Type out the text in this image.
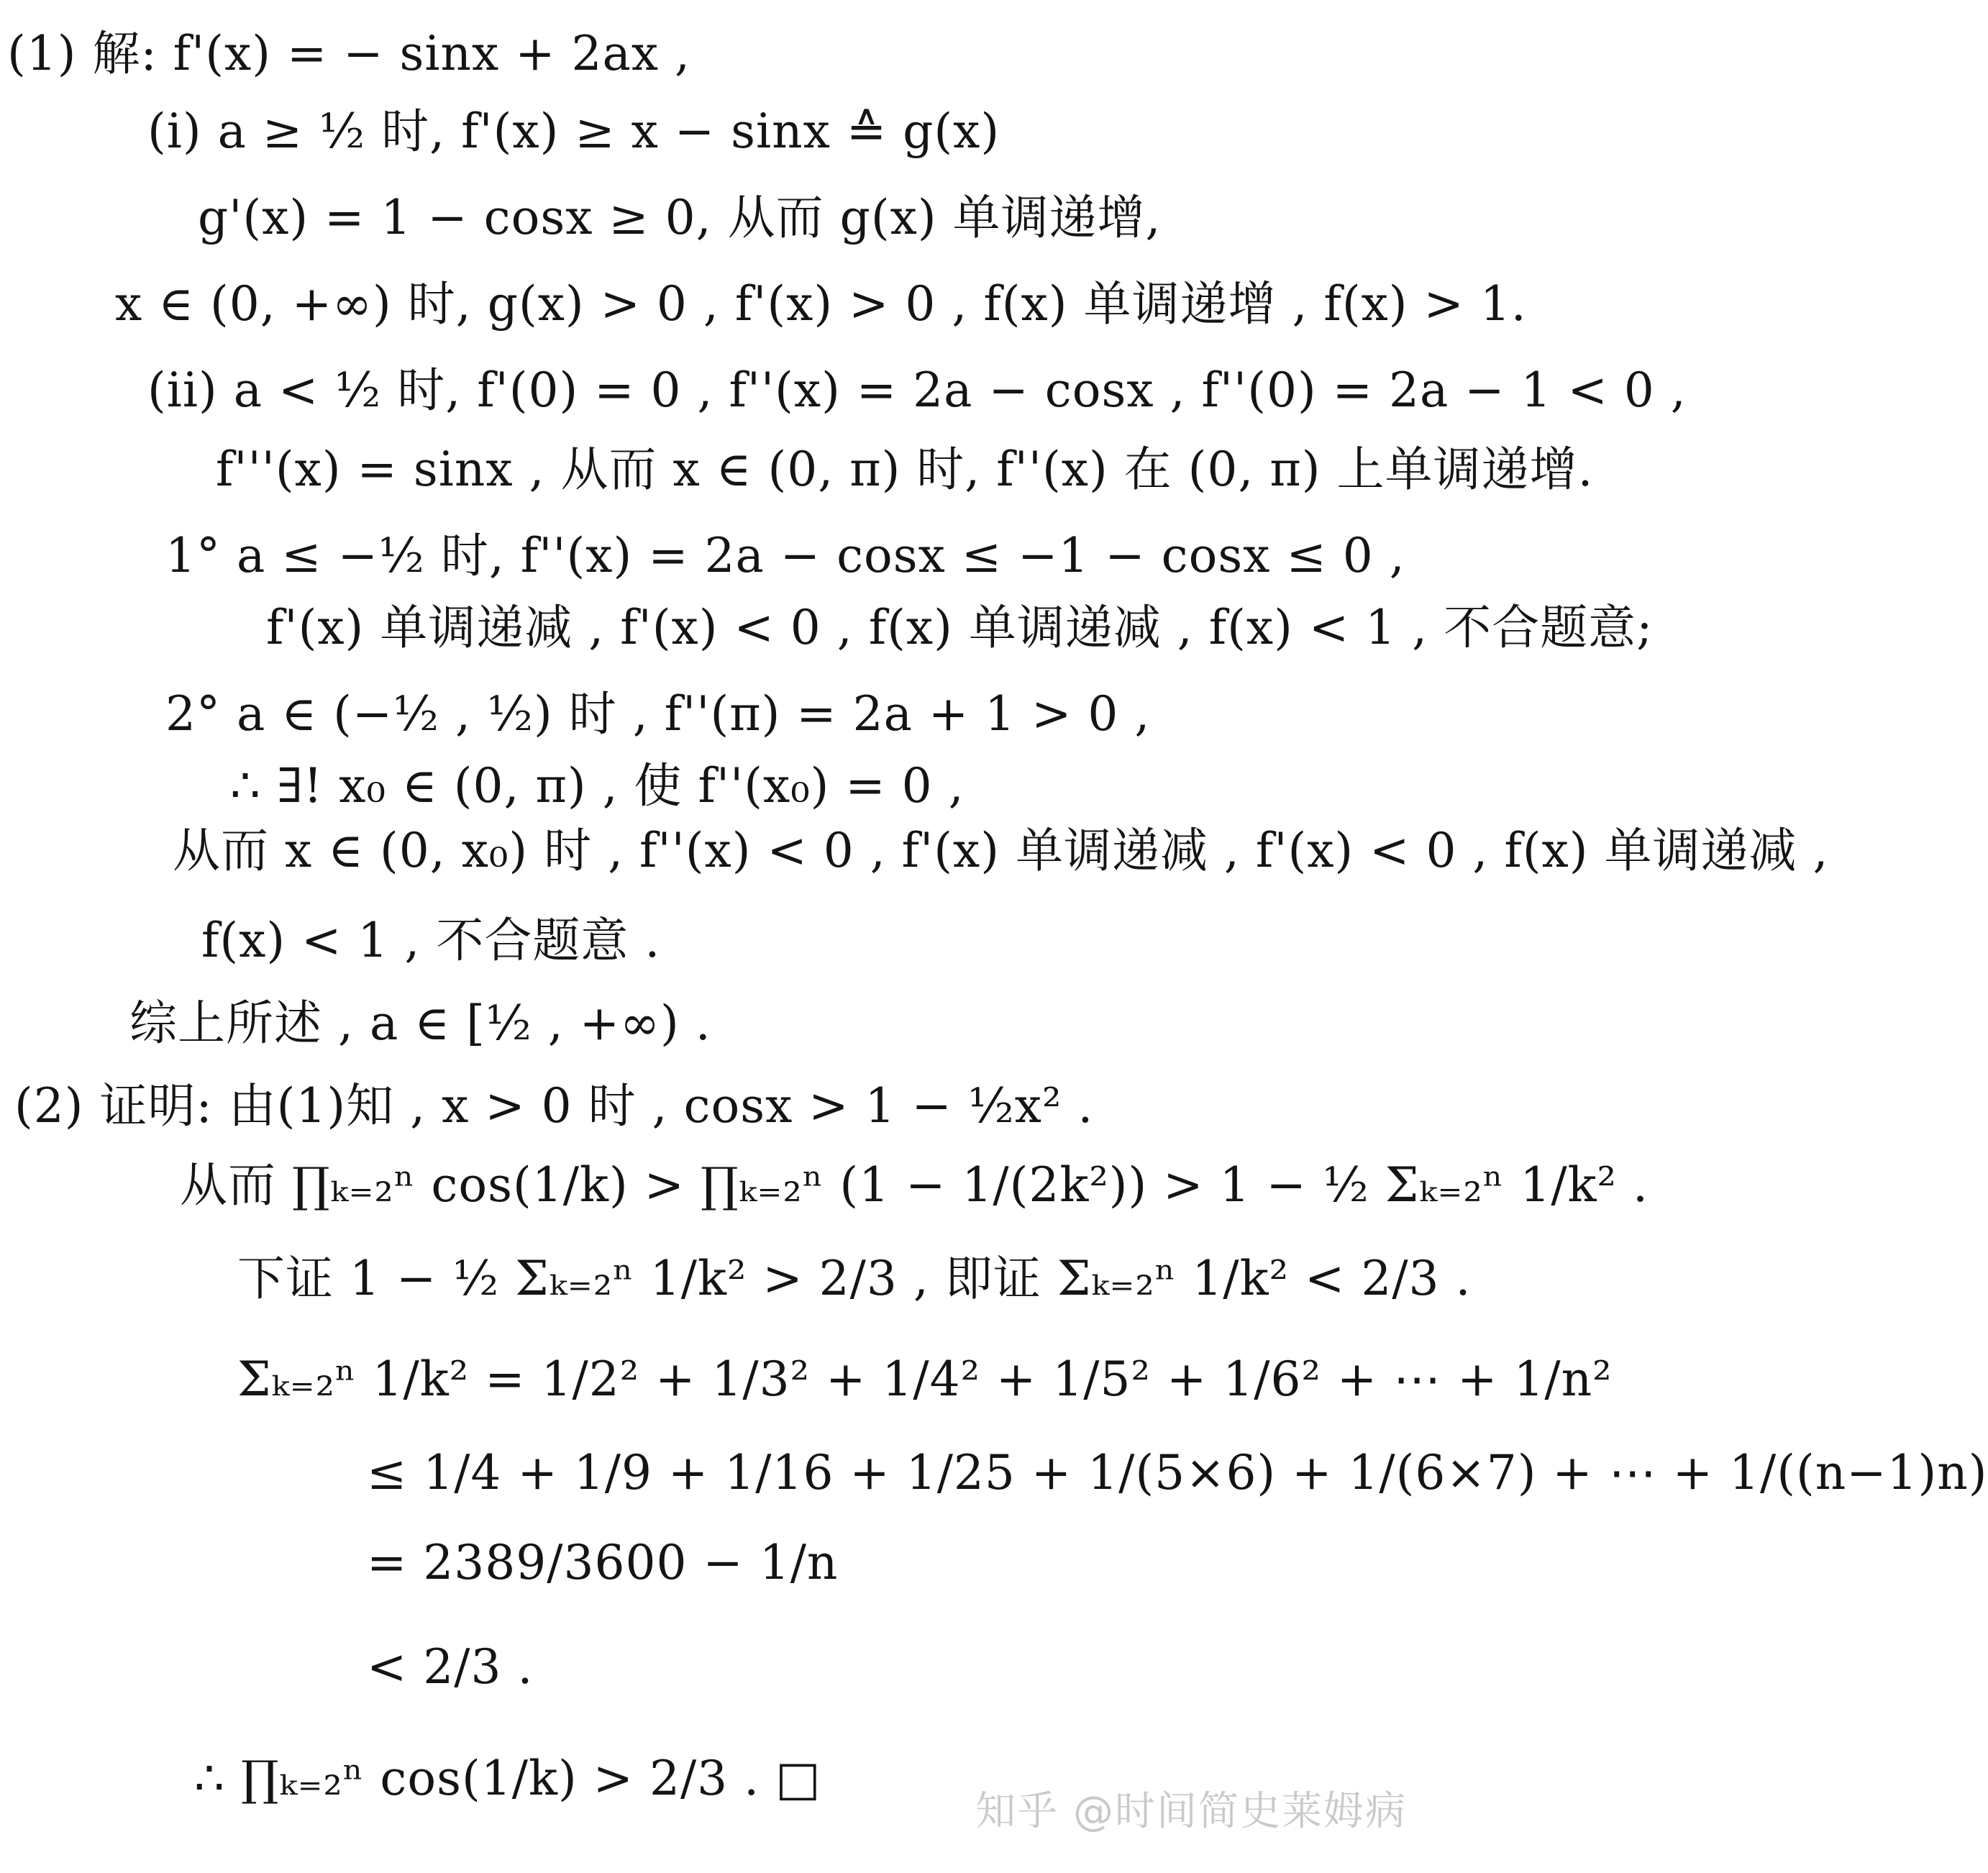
(1) 解: f'(x) = − sinx + 2ax ,
(i) a ≥ ½ 时, f'(x) ≥ x − sinx ≙ g(x)
g'(x) = 1 − cosx ≥ 0, 从而 g(x) 单调递增,
x ∈ (0, +∞) 时, g(x) > 0 , f'(x) > 0 , f(x) 单调递增 , f(x) > 1.
(ii) a < ½ 时, f'(0) = 0 , f''(x) = 2a − cosx , f''(0) = 2a − 1 < 0 ,
f'''(x) = sinx , 从而 x ∈ (0, π) 时, f''(x) 在 (0, π) 上单调递增.
1° a ≤ −½ 时, f''(x) = 2a − cosx ≤ −1 − cosx ≤ 0 ,
f'(x) 单调递减 , f'(x) < 0 , f(x) 单调递减 , f(x) < 1 , 不合题意;
2° a ∈ (−½ , ½) 时 , f''(π) = 2a + 1 > 0 ,
∴ ∃! x₀ ∈ (0, π) , 使 f''(x₀) = 0 ,
从而 x ∈ (0, x₀) 时 , f''(x) < 0 , f'(x) 单调递减 , f'(x) < 0 , f(x) 单调递减 ,
f(x) < 1 , 不合题意 .
综上所述 , a ∈ [½ , +∞) .
(2) 证明: 由(1)知 , x > 0 时 , cosx > 1 − ½x² .
从而 ∏ₖ₌₂ⁿ cos(1/k) > ∏ₖ₌₂ⁿ (1 − 1/(2k²)) > 1 − ½ Σₖ₌₂ⁿ 1/k² .
下证 1 − ½ Σₖ₌₂ⁿ 1/k² > 2/3 , 即证 Σₖ₌₂ⁿ 1/k² < 2/3 .
Σₖ₌₂ⁿ 1/k² = 1/2² + 1/3² + 1/4² + 1/5² + 1/6² + ⋯ + 1/n²
≤ 1/4 + 1/9 + 1/16 + 1/25 + 1/(5×6) + 1/(6×7) + ⋯ + 1/((n−1)n)
= 2389/3600 − 1/n
< 2/3 .
∴ ∏ₖ₌₂ⁿ cos(1/k) > 2/3 . □
知乎 @时间简史莱姆病
